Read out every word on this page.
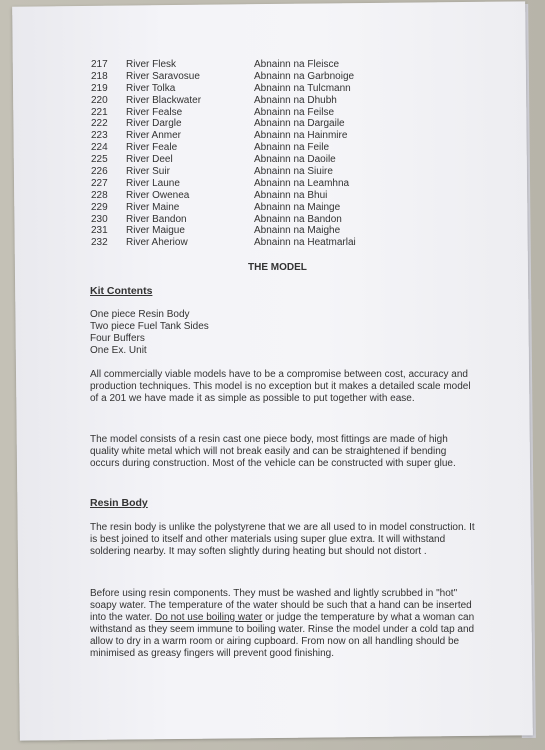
217 River Flesk	Abnainn na Fleisce
218 River Saravosue	Abnainn na Garbnoige
219 River Tolka	Abnainn na Tulcmann
220 River Blackwater	Abnainn na Dhubh
221 River Fealse	Abnainn na Feilse
222 River Dargle	Abnainn na Dargaile
223 River Anmer	Abnainn na Hainmire
224 River Feale	Abnainn na Feile
225 River Deel	Abnainn na Daoile
226 River Suir	Abnainn na Siuire
227 River Laune	Abnainn na Leamhna
228 River Owenea	Abnainn na Bhui
229 River Maine	Abnainn na Mainge
230 River Bandon	Abnainn na Bandon
231 River Maigue	Abnainn na Maighe
232 River Aheriow	Abnainn na Heatmarlai
THE MODEL
Kit Contents
One piece Resin Body
Two piece Fuel Tank Sides
Four Buffers
One Ex. Unit

All commercially viable models have to be a compromise between cost, accuracy and production techniques. This model is no exception but it makes a detailed scale model of a 201 we have made it as simple as possible to put together with ease.

The model consists of a resin cast one piece body, most fittings are made of high quality white metal which will not break easily and can be straightened if bending occurs during construction. Most of the vehicle can be constructed with super glue.

Resin Body

The resin body is unlike the polystyrene that we are all used to in model construction. It is best joined to itself and other materials using super glue extra. It will withstand soldering nearby. It may soften slightly during heating but should not distort .

Before using resin components. They must be washed and lightly scrubbed in "hot" soapy water. The temperature of the water should be such that a hand can be inserted into the water. Do not use boiling water or judge the temperature by what a woman can withstand as they seem immune to boiling water. Rinse the model under a cold tap and allow to dry in a warm room or airing cupboard. From now on all handling should be minimised as greasy fingers will prevent good finishing.
